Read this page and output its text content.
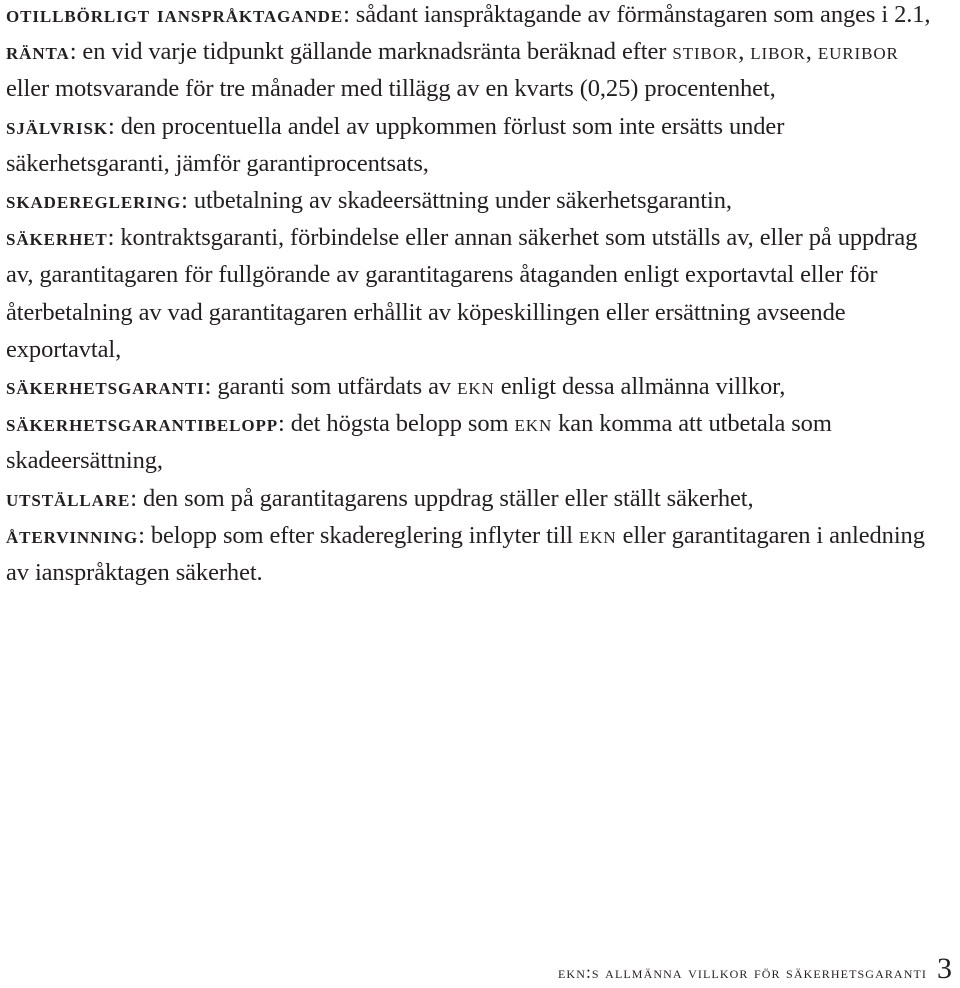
otillbörligt ianspråktagande: sådant ianspråktagande av förmånstagaren som anges i 2.1,

ränta: en vid varje tidpunkt gällande marknadsränta beräknad efter stibor, libor, euribor eller motsvarande för tre månader med tillägg av en kvarts (0,25) procentenhet,

självrisk: den procentuella andel av uppkommen förlust som inte ersätts under säkerhetsgaranti, jämför garantiprocentsats,

skadereglering: utbetalning av skadeersättning under säkerhetsgarantin,

säkerhet: kontraktsgaranti, förbindelse eller annan säkerhet som utställs av, eller på uppdrag av, garantitagaren för fullgörande av garantitagarens åtaganden enligt exportavtal eller för återbetalning av vad garantitagaren erhållit av köpeskillingen eller ersättning avseende exportavtal,

säkerhetsgaranti: garanti som utfärdats av ekn enligt dessa allmänna villkor,

säkerhetsgarantibelopp: det högsta belopp som ekn kan komma att utbetala som skadeersättning,

utställare: den som på garantitagarens uppdrag ställer eller ställt säkerhet,

återvinning: belopp som efter skadereglering inflyter till ekn eller garantitagaren i anledning av ianspråktagen säkerhet.

ekn:s allmänna villkor för säkerhetsgaranti 3
